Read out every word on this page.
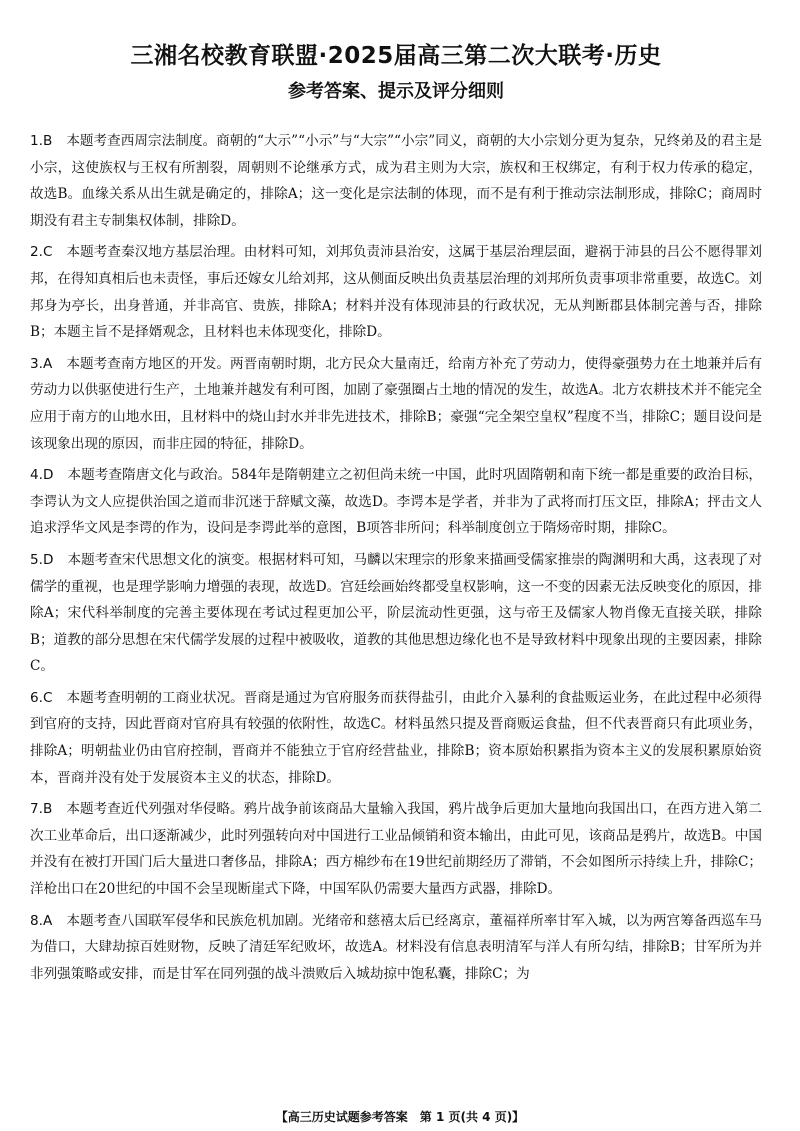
三湘名校教育联盟·2025届高三第二次大联考·历史
参考答案、提示及评分细则

1.B 本题考查西周宗法制度。商朝的“大示”“小示”与“大宗”“小宗”同义，商朝的大小宗划分更为复杂，兄终弟及的君主是小宗，这使族权与王权有所割裂，周朝则不论继承方式，成为君主则为大宗，族权和王权绑定，有利于权力传承的稳定，故选B。血缘关系从出生就是确定的，排除A；这一变化是宗法制的体现，而不是有利于推动宗法制形成，排除C；商周时期没有君主专制集权体制，排除D。

2.C 本题考查秦汉地方基层治理。由材料可知，刘邦负责沛县治安，这属于基层治理层面，避祸于沛县的吕公不愿得罪刘邦，在得知真相后也未责怪，事后还嫁女儿给刘邦，这从侧面反映出负责基层治理的刘邦所负责事项非常重要，故选C。刘邦身为亭长，出身普通，并非高官、贵族，排除A；材料并没有体现沛县的行政状况，无从判断郡县体制完善与否，排除B；本题主旨不是择婿观念，且材料也未体现变化，排除D。

3.A 本题考查南方地区的开发。两晋南朝时期，北方民众大量南迁，给南方补充了劳动力，使得豪强势力在土地兼并后有劳动力以供驱使进行生产，土地兼并越发有利可图，加剧了豪强圈占土地的情况的发生，故选A。北方农耕技术并不能完全应用于南方的山地水田，且材料中的烧山封水并非先进技术，排除B；豪强“完全架空皇权”程度不当，排除C；题目设问是该现象出现的原因，而非庄园的特征，排除D。

4.D 本题考查隋唐文化与政治。584年是隋朝建立之初但尚未统一中国，此时巩固隋朝和南下统一都是重要的政治目标，李谔认为文人应提供治国之道而非沉迷于辞赋文藻，故选D。李谔本是学者，并非为了武将而打压文臣，排除A；抨击文人追求浮华文风是李谔的作为，设问是李谔此举的意图，B项答非所问；科举制度创立于隋炀帝时期，排除C。

5.D 本题考查宋代思想文化的演变。根据材料可知，马麟以宋理宗的形象来描画受儒家推崇的陶渊明和大禹，这表现了对儒学的重视，也是理学影响力增强的表现，故选D。宫廷绘画始终都受皇权影响，这一不变的因素无法反映变化的原因，排除A；宋代科举制度的完善主要体现在考试过程更加公平，阶层流动性更强，这与帝王及儒家人物肖像无直接关联，排除B；道教的部分思想在宋代儒学发展的过程中被吸收，道教的其他思想边缘化也不是导致材料中现象出现的主要因素，排除C。

6.C 本题考查明朝的工商业状况。晋商是通过为官府服务而获得盐引，由此介入暴利的食盐贩运业务，在此过程中必须得到官府的支持，因此晋商对官府具有较强的依附性，故选C。材料虽然只提及晋商贩运食盐，但不代表晋商只有此项业务，排除A；明朝盐业仍由官府控制，晋商并不能独立于官府经营盐业，排除B；资本原始积累指为资本主义的发展积累原始资本，晋商并没有处于发展资本主义的状态，排除D。

7.B 本题考查近代列强对华侵略。鸦片战争前该商品大量输入我国，鸦片战争后更加大量地向我国出口，在西方进入第二次工业革命后，出口逐渐减少，此时列强转向对中国进行工业品倾销和资本输出，由此可见，该商品是鸦片，故选B。中国并没有在被打开国门后大量进口奢侈品，排除A；西方棉纱布在19世纪前期经历了滞销，不会如图所示持续上升，排除C；洋枪出口在20世纪的中国不会呈现断崖式下降，中国军队仍需要大量西方武器，排除D。

8.A 本题考查八国联军侵华和民族危机加剧。光绪帝和慈禧太后已经离京，董福祥所率甘军入城，以为两宫筹备西巡车马为借口，大肆劫掠百姓财物，反映了清廷军纪败坏，故选A。材料没有信息表明清军与洋人有所勾结，排除B；甘军所为并非列强策略或安排，而是甘军在同列强的战斗溃败后入城劫掠中饱私囊，排除C；为

【高三历史试题参考答案　第 1 页(共 4 页)】
